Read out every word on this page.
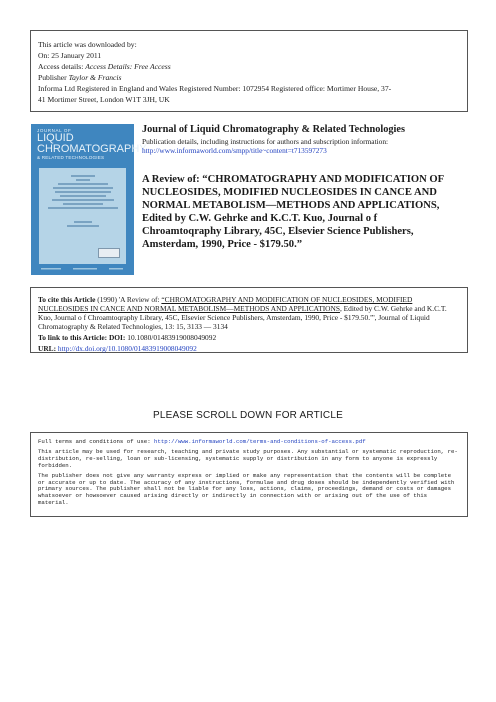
This article was downloaded by:
On: 25 January 2011
Access details: Access Details: Free Access
Publisher Taylor & Francis
Informa Ltd Registered in England and Wales Registered Number: 1072954 Registered office: Mortimer House, 37-
41 Mortimer Street, London W1T 3JH, UK
JOURNAL OF
LIQUID
CHROMATOGRAPHY
& RELATED TECHNOLOGIES
Journal of Liquid Chromatography & Related Technologies
Publication details, including instructions for authors and subscription information:
http://www.informaworld.com/smpp/title~content=t713597273
A Review of: “CHROMATOGRAPHY AND MODIFICATION OF NUCLEOSIDES, MODIFIED NUCLEOSIDES IN CANCE AND NORMAL METABOLISM—METHODS AND APPLICATIONS, Edited by C.W. Gehrke and K.C.T. Kuo, Journal o f Chroamtoqraphy Library, 45C, Elsevier Science Publishers, Amsterdam, 1990, Price - $179.50.”
To cite this Article (1990) 'A Review of: “CHROMATOGRAPHY AND MODIFICATION OF NUCLEOSIDES, MODIFIED NUCLEOSIDES IN CANCE AND NORMAL METABOLISM—METHODS AND APPLICATIONS, Edited by C.W. Gehrke and K.C.T. Kuo, Journal o f Chroamtoqraphy Library, 45C, Elsevier Science Publishers, Amsterdam, 1990, Price - $179.50.”', Journal of Liquid Chromatography & Related Technologies, 13: 15, 3133 — 3134
To link to this Article: DOI: 10.1080/01483919008049092
URL: http://dx.doi.org/10.1080/01483919008049092
PLEASE SCROLL DOWN FOR ARTICLE

Full terms and conditions of use: http://www.informaworld.com/terms-and-conditions-of-access.pdf

This article may be used for research, teaching and private study purposes. Any substantial or systematic reproduction, re-distribution, re-selling, loan or sub-licensing, systematic supply or distribution in any form to anyone is expressly forbidden.

The publisher does not give any warranty express or implied or make any representation that the contents will be complete or accurate or up to date. The accuracy of any instructions, formulae and drug doses should be independently verified with primary sources. The publisher shall not be liable for any loss, actions, claims, proceedings, demand or costs or damages whatsoever or howsoever caused arising directly or indirectly in connection with or arising out of the use of this material.
